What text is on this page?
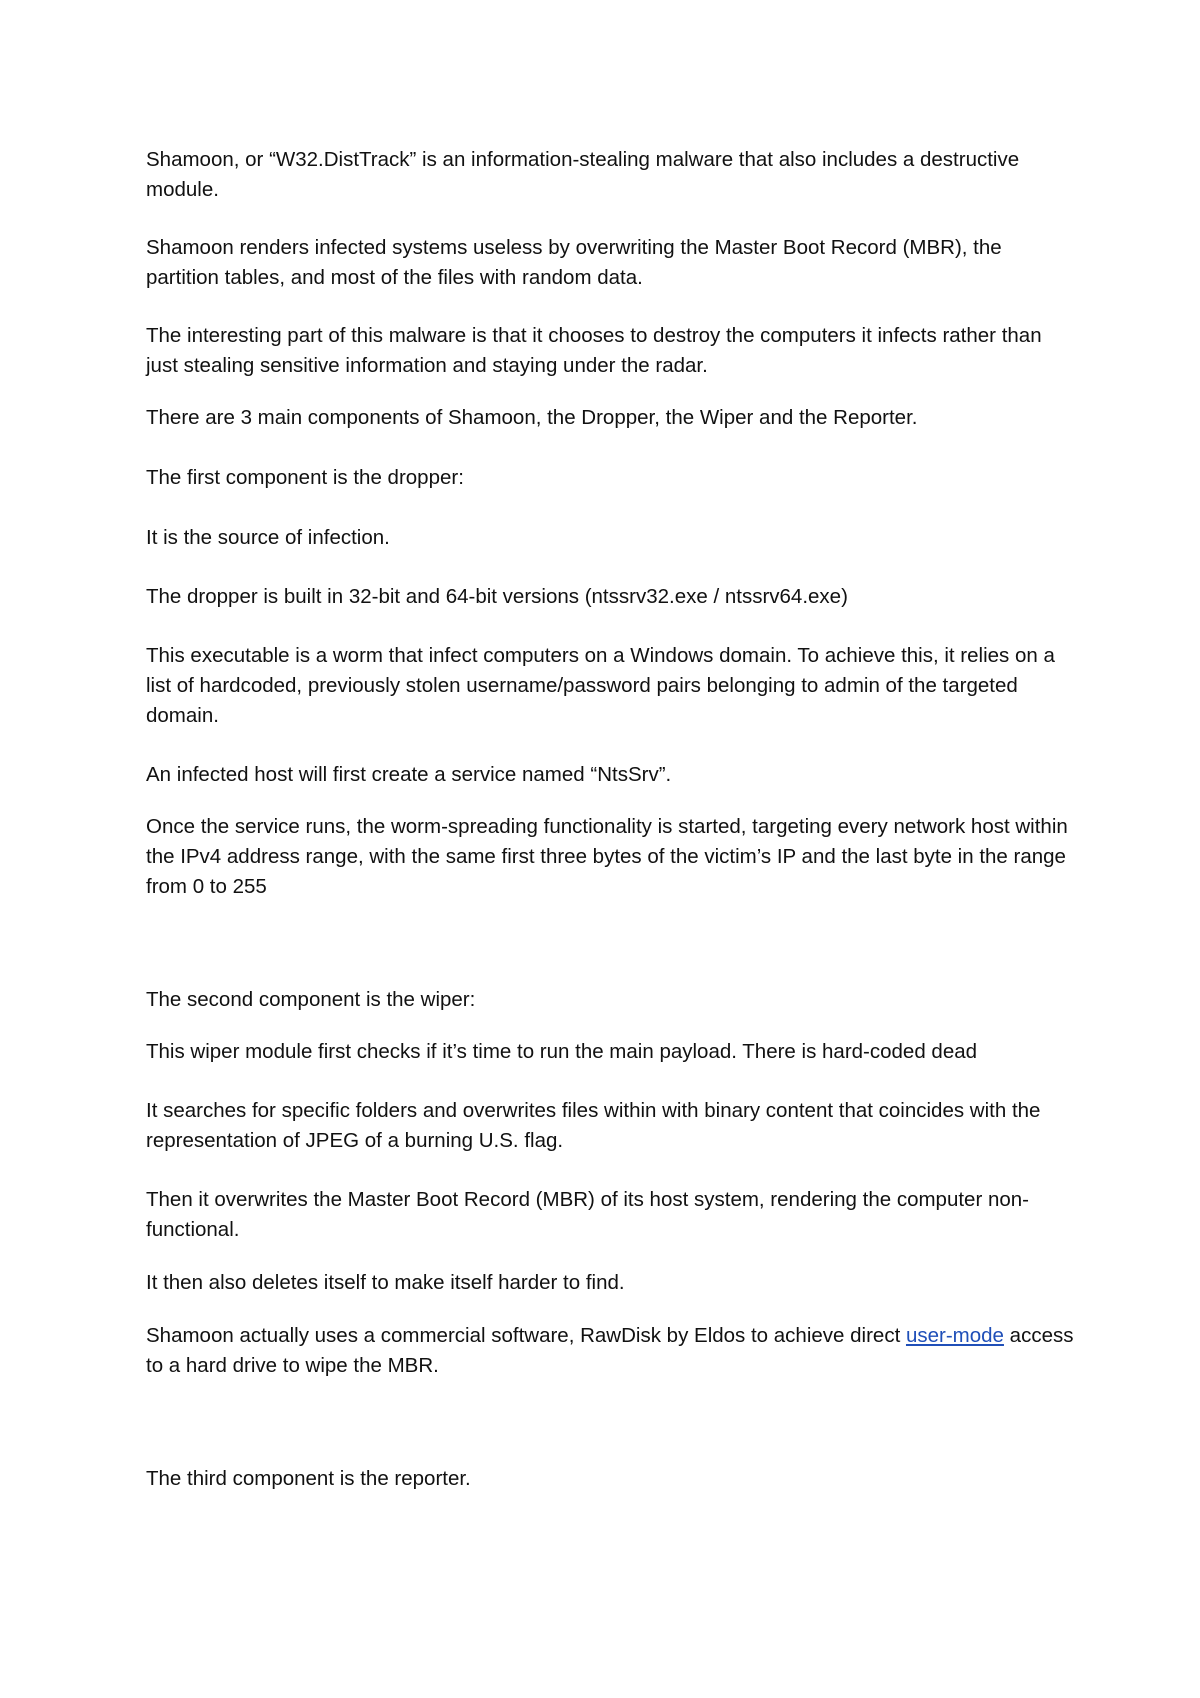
Shamoon, or “W32.DistTrack” is an information-stealing malware that also includes a destructive module.

Shamoon renders infected systems useless by overwriting the Master Boot Record (MBR), the partition tables, and most of the files with random data.

The interesting part of this malware is that it chooses to destroy the computers it infects rather than just stealing sensitive information and staying under the radar.

There are 3 main components of Shamoon, the Dropper, the Wiper and the Reporter.

The first component is the dropper:

It is the source of infection.

The dropper is built in 32-bit and 64-bit versions (ntssrv32.exe / ntssrv64.exe)

This executable is a worm that infect computers on a Windows domain. To achieve this, it relies on a list of hardcoded, previously stolen username/password pairs belonging to admin of the targeted domain.

An infected host will first create a service named “NtsSrv”.

Once the service runs, the worm-spreading functionality is started, targeting every network host within the IPv4 address range, with the same first three bytes of the victim’s IP and the last byte in the range from 0 to 255

The second component is the wiper:

This wiper module first checks if it’s time to run the main payload. There is hard-coded dead

It searches for specific folders and overwrites files within with binary content that coincides with the representation of JPEG of a burning U.S. flag.

Then it overwrites the Master Boot Record (MBR) of its host system, rendering the computer non-functional.

It then also deletes itself to make itself harder to find.

Shamoon actually uses a commercial software, RawDisk by Eldos to achieve direct user-mode access to a hard drive to wipe the MBR.

The third component is the reporter.
